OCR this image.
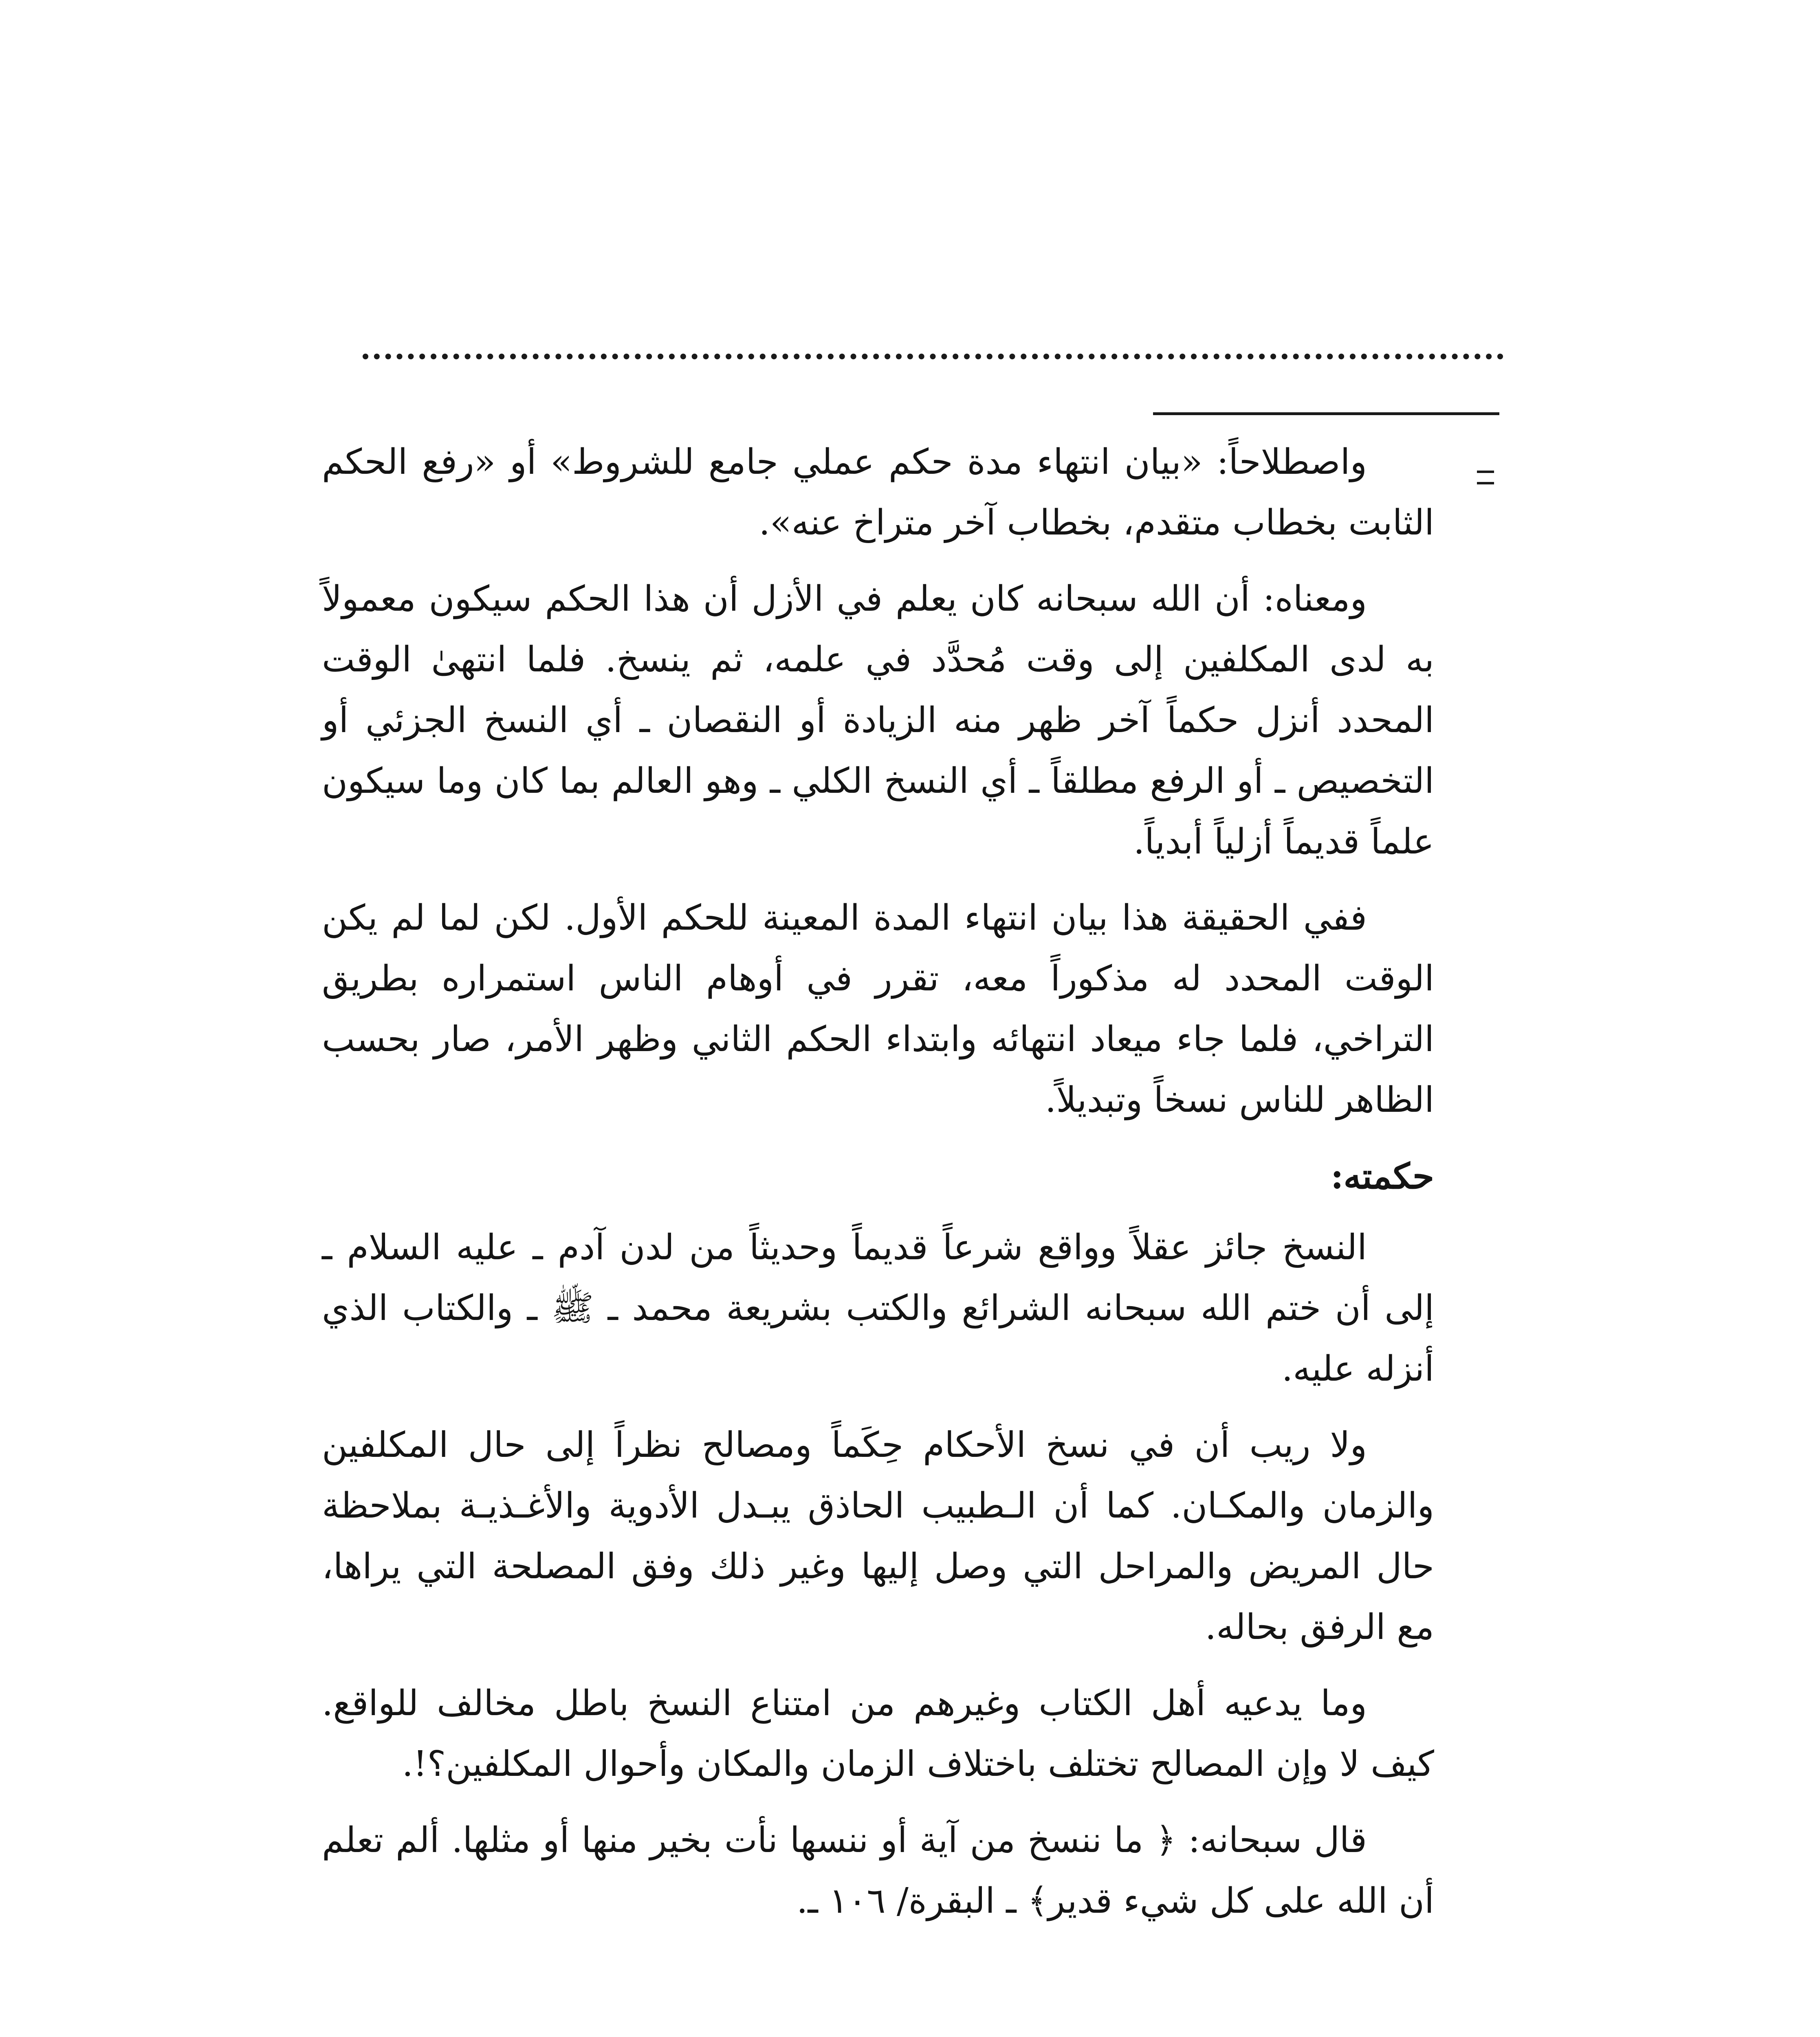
واصطلاحاً: «بيان انتهاء مدة حكم عملي جامع للشروط» أو «رفع الحكم الثابت بخطاب متقدم، بخطاب آخر متراخ عنه».

ومعناه: أن الله سبحانه كان يعلم في الأزل أن هذا الحكم سيكون معمولاً به لدى المكلفين إلى وقت مُحدَّد في علمه، ثم ينسخ. فلما انتهىٰ الوقت المحدد أنزل حكماً آخر ظهر منه الزيادة أو النقصان ـ أي النسخ الجزئي أو التخصيص ـ أو الرفع مطلقاً ـ أي النسخ الكلي ـ وهو العالم بما كان وما سيكون علماً قديماً أزلياً أبدياً.

ففي الحقيقة هذا بيان انتهاء المدة المعينة للحكم الأول. لكن لما لم يكن الوقت المحدد له مذكوراً معه، تقرر في أوهام الناس استمراره بطريق التراخي، فلما جاء ميعاد انتهائه وابتداء الحكم الثاني وظهر الأمر، صار بحسب الظاهر للناس نسخاً وتبديلاً.

حكمته:

النسخ جائز عقلاً وواقع شرعاً قديماً وحديثاً من لدن آدم ـ عليه السلام ـ إلى أن ختم الله سبحانه الشرائع والكتب بشريعة محمد ـ ﷺ ـ والكتاب الذي أنزله عليه.

ولا ريب أن في نسخ الأحكام حِكَماً ومصالح نظراً إلى حال المكلفين والزمان والمكـان. كما أن الـطبيب الحاذق يبـدل الأدوية والأغـذيـة بملاحظة حال المريض والمراحل التي وصل إليها وغير ذلك وفق المصلحة التي يراها، مع الرفق بحاله.

وما يدعيه أهل الكتاب وغيرهم من امتناع النسخ باطل مخالف للواقع. كيف لا وإن المصالح تختلف باختلاف الزمان والمكان وأحوال المكلفين؟!.

قال سبحانه: ﴿ ما ننسخ من آية أو ننسها نأت بخير منها أو مثلها. ألم تعلم أن الله على كل شيء قدير﴾ ـ البقرة/ ١٠٦ ـ.
